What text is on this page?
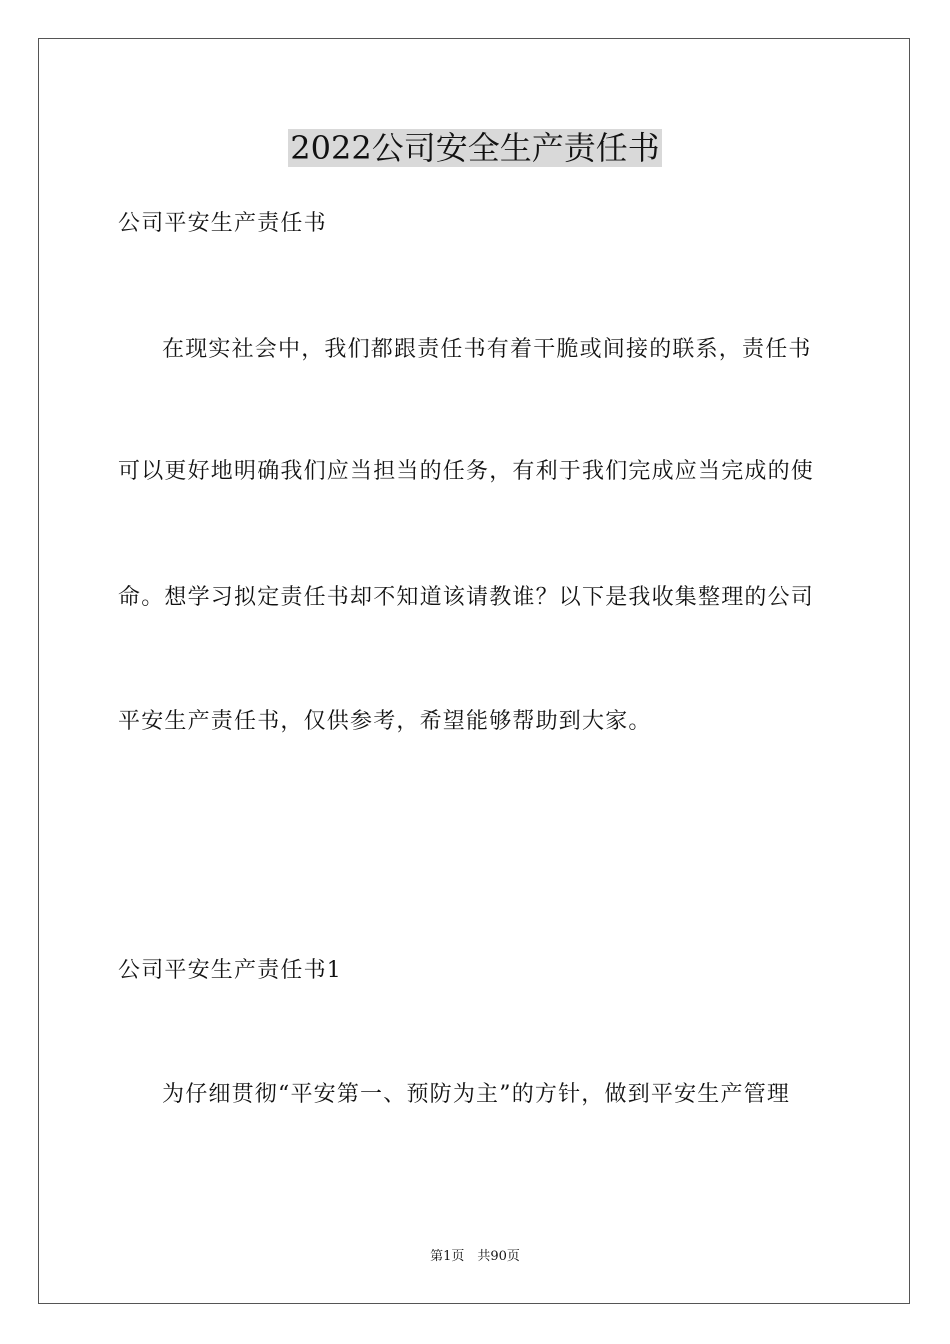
2022公司安全生产责任书
公司平安生产责任书
在现实社会中，我们都跟责任书有着干脆或间接的联系，责任书
可以更好地明确我们应当担当的任务，有利于我们完成应当完成的使
命。想学习拟定责任书却不知道该请教谁？以下是我收集整理的公司
平安生产责任书，仅供参考，希望能够帮助到大家。
公司平安生产责任书1
为仔细贯彻“平安第一、预防为主”的方针，做到平安生产管理
第1页　共90页
